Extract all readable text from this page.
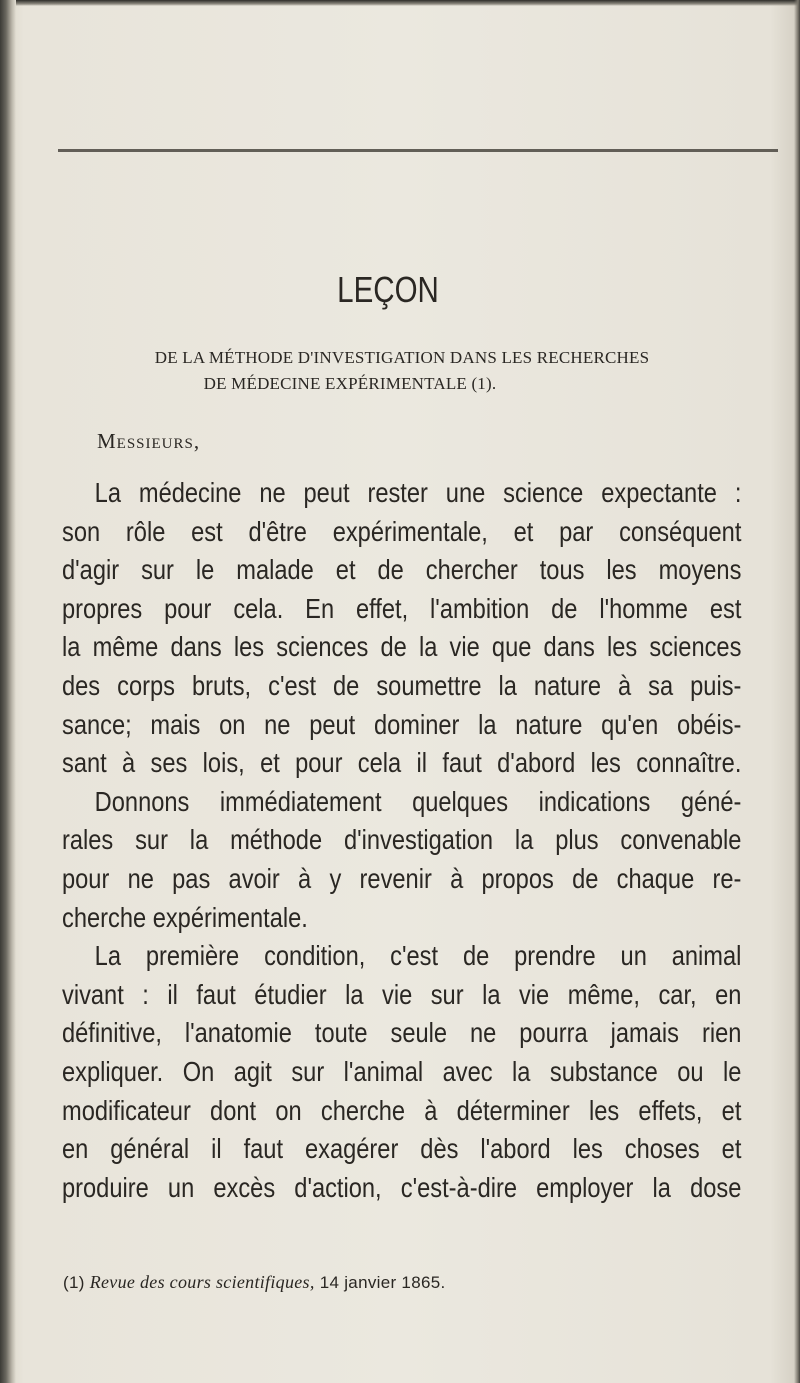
LEÇON
DE LA MÉTHODE D'INVESTIGATION DANS LES RECHERCHES
DE MÉDECINE EXPÉRIMENTALE (1).
Messieurs,
La médecine ne peut rester une science expectante :
son rôle est d'être expérimentale, et par conséquent
d'agir sur le malade et de chercher tous les moyens
propres pour cela. En effet, l'ambition de l'homme est
la même dans les sciences de la vie que dans les sciences
des corps bruts, c'est de soumettre la nature à sa puis-
sance; mais on ne peut dominer la nature qu'en obéis-
sant à ses lois, et pour cela il faut d'abord les connaître.
Donnons immédiatement quelques indications géné-
rales sur la méthode d'investigation la plus convenable
pour ne pas avoir à y revenir à propos de chaque re-
cherche expérimentale.
La première condition, c'est de prendre un animal
vivant : il faut étudier la vie sur la vie même, car, en
définitive, l'anatomie toute seule ne pourra jamais rien
expliquer. On agit sur l'animal avec la substance ou le
modificateur dont on cherche à déterminer les effets, et
en général il faut exagérer dès l'abord les choses et
produire un excès d'action, c'est-à-dire employer la dose
(1) Revue des cours scientifiques, 14 janvier 1865.
